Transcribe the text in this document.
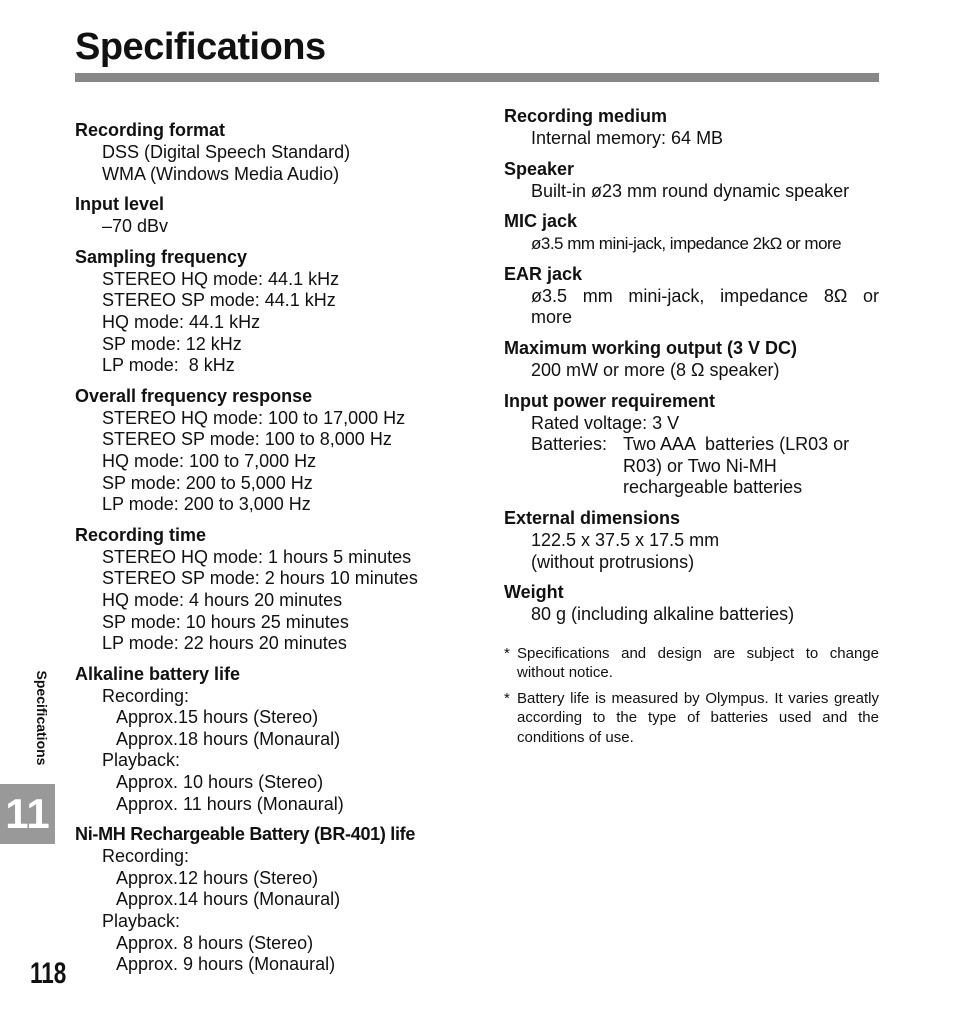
Specifications
Recording format
DSS (Digital Speech Standard)
WMA (Windows Media Audio)
Input level
–70 dBv
Sampling frequency
STEREO HQ mode: 44.1 kHz
STEREO SP mode: 44.1 kHz
HQ mode: 44.1 kHz
SP mode: 12 kHz
LP mode:  8 kHz
Overall frequency response
STEREO HQ mode: 100 to 17,000 Hz
STEREO SP mode: 100 to 8,000 Hz
HQ mode: 100 to 7,000 Hz
SP mode: 200 to 5,000 Hz
LP mode: 200 to 3,000 Hz
Recording time
STEREO HQ mode: 1 hours 5 minutes
STEREO SP mode: 2 hours 10 minutes
HQ mode: 4 hours 20 minutes
SP mode: 10 hours 25 minutes
LP mode: 22 hours 20 minutes
Alkaline battery life
Recording:
Approx.15 hours (Stereo)
Approx.18 hours (Monaural)
Playback:
Approx. 10 hours (Stereo)
Approx. 11 hours (Monaural)
Ni-MH Rechargeable Battery (BR-401) life
Recording:
Approx.12 hours (Stereo)
Approx.14 hours (Monaural)
Playback:
Approx. 8 hours (Stereo)
Approx. 9 hours (Monaural)
Recording medium
Internal memory: 64 MB
Speaker
Built-in ø23 mm round dynamic speaker
MIC jack
ø3.5 mm mini-jack, impedance 2kΩ or more
EAR jack
ø3.5 mm mini-jack, impedance 8Ω or more
Maximum working output (3 V DC)
200 mW or more (8 Ω speaker)
Input power requirement
Rated voltage: 3 V
Batteries: Two AAA  batteries (LR03 or R03) or Two Ni-MH rechargeable batteries
External dimensions
122.5 x 37.5 x 17.5 mm
(without protrusions)
Weight
80 g (including alkaline batteries)
* Specifications and design are subject to change without notice.
* Battery life is measured by Olympus. It varies greatly according to the type of batteries used and the conditions of use.
Specifications
11
118
